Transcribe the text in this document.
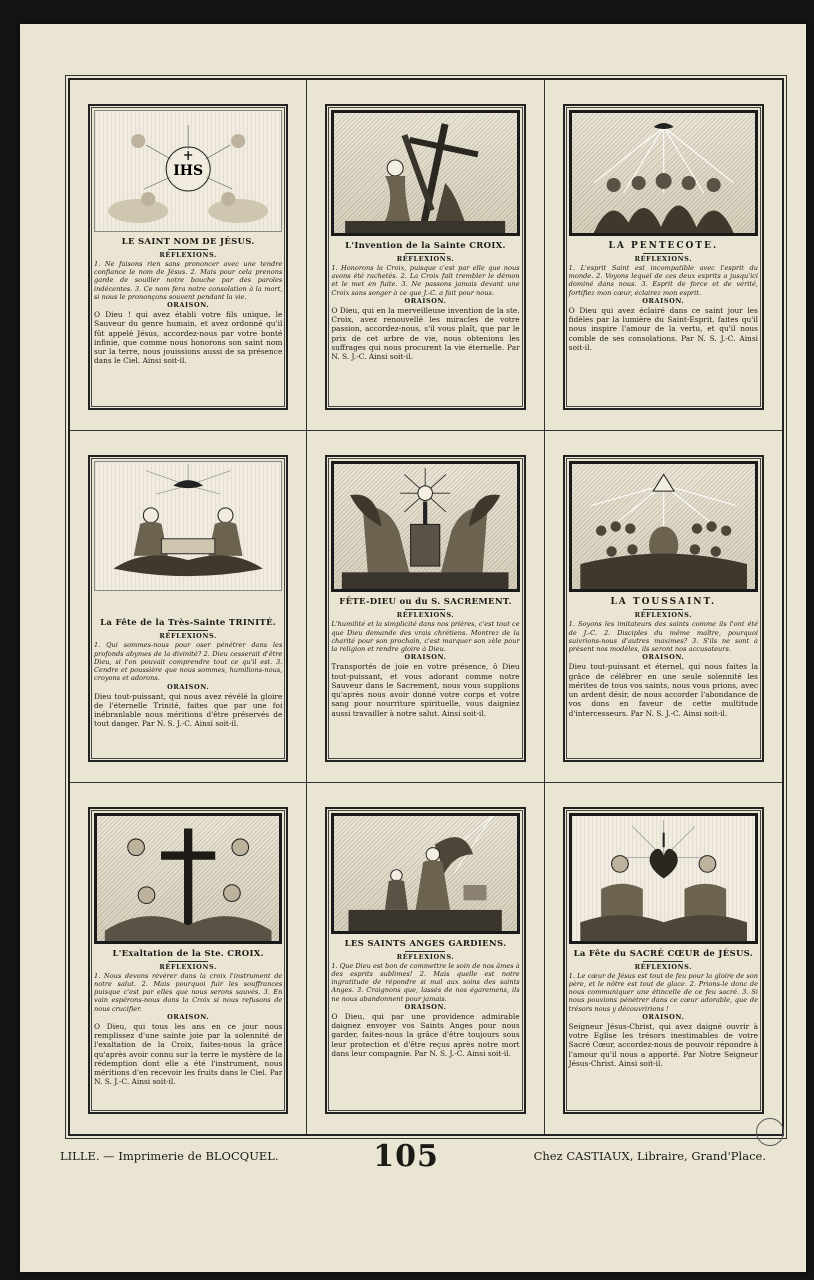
IHS
LE SAINT NOM DE JÉSUS.
RÉFLEXIONS.
1. Ne faisons rien sans prononcer avec une tendre confiance le nom de Jésus. 2. Mais pour cela prenons garde de souiller notre bouche par des paroles indécentes. 3. Ce nom fera notre consolation à la mort, si nous le prononçons souvent pendant la vie.
ORAISON.
O Dieu ! qui avez établi votre fils unique, le Sauveur du genre humain, et avez ordonné qu'il fût appelé Jésus, accordez-nous par votre bonté infinie, que comme nous honorons son saint nom sur la terre, nous jouissions aussi de sa présence dans le Ciel. Ainsi soit-il.
L'Invention de la Sainte CROIX.
RÉFLEXIONS.
1. Honorons la Croix, puisque c'est par elle que nous avons été rachetés. 2. La Croix fait trembler le démon et le met en fuite. 3. Ne passons jamais devant une Croix sans songer à ce que J.-C. a fait pour nous.
ORAISON.
O Dieu, qui en la merveilleuse invention de la ste. Croix, avez renouvellé les miracles de votre passion, accordez-nous, s'il vous plaît, que par le prix de cet arbre de vie, nous obtenions les suffrages qui nous procurent la vie éternelle. Par N. S. J.-C. Ainsi soit-il.
LA PENTECOTE.
RÉFLEXIONS.
1. L'esprit Saint est incompatible avec l'esprit du monde. 2. Voyons lequel de ces deux esprits a jusqu'ici dominé dans nous. 3. Esprit de force et de vérité, fortifiez mon cœur, éclairez mon esprit.
ORAISON.
O Dieu qui avez éclairé dans ce saint jour les fidèles par la lumière du Saint-Esprit, faites qu'il nous inspire l'amour de la vertu, et qu'il nous comble de ses consolations. Par N. S. J.-C. Ainsi soit-il.
La Fête de la Très-Sainte TRINITÉ.
RÉFLEXIONS.
1. Qui sommes-nous pour oser pénétrer dans les profonds abymes de la divinité? 2. Dieu cesserait d'être Dieu, si l'on pouvait comprendre tout ce qu'il est. 3. Cendre et poussière que nous sommes, humilions-nous, croyons et adorons.
ORAISON.
Dieu tout-puissant, qui nous avez révélé la gloire de l'éternelle Trinité, faites que par une foi inébranlable nous méritions d'être préservés de tout danger. Par N. S. J.-C. Ainsi soit-il.
FÊTE-DIEU ou du S. SACREMENT.
RÉFLEXIONS.
L'humilité et la simplicité dans nos prières, c'est tout ce que Dieu demande des vrais chrétiens. Montrez de la charité pour son prochain, c'est marquer son zèle pour la religion et rendre gloire à Dieu.
ORAISON.
Transportés de joie en votre présence, ô Dieu tout-puissant, et vous adorant comme notre Sauveur dans le Sacrement, nous vous supplions qu'après nous avoir donné votre corps et votre sang pour nourriture spirituelle, vous daigniez aussi travailler à notre salut. Ainsi soit-il.
LA TOUSSAINT.
RÉFLEXIONS.
1. Soyons les imitateurs des saints comme ils l'ont été de J.-C. 2. Disciples du même maître, pourquoi suivrions-nous d'autres maximes? 3. S'ils ne sont à présent nos modèles, ils seront nos accusateurs.
ORAISON.
Dieu tout-puissant et éternel, qui nous faites la grâce de célébrer en une seule solennité les mérites de tous vos saints, nous vous prions, avec un ardent désir, de nous accorder l'abondance de vos dons en faveur de cette multitude d'intercesseurs. Par N. S. J.-C. Ainsi soit-il.
L'Exaltation de la Ste. CROIX.
RÉFLEXIONS.
1. Nous devons révérer dans la croix l'instrument de notre salut. 2. Mais pourquoi fuir les souffrances puisque c'est par elles que nous serons sauvés. 3. En vain espérons-nous dans la Croix si nous refusons de nous crucifier.
ORAISON.
O Dieu, qui tous les ans en ce jour nous remplissez d'une sainte joie par la solennité de l'exaltation de la Croix, faites-nous la grâce qu'après avoir connu sur la terre le mystère de la rédemption dont elle a été l'instrument, nous méritions d'en recevoir les fruits dans le Ciel. Par N. S. J.-C. Ainsi soit-il.
LES SAINTS ANGES GARDIENS.
RÉFLEXIONS.
1. Que Dieu est bon de commettre le soin de nos âmes à des esprits sublimes! 2. Mais quelle est notre ingratitude de répondre si mal aux soins des saints Anges. 3. Craignons que, lassés de nos égaremens, ils ne nous abandonnent pour jamais.
ORAISON.
O Dieu, qui par une providence admirable daignez envoyer vos Saints Anges pour nous garder, faites-nous la grâce d'être toujours sous leur protection et d'être reçus après notre mort dans leur compagnie. Par N. S. J.-C. Ainsi soit-il.
La Fête du SACRÉ CŒUR de JÉSUS.
RÉFLEXIONS.
1. Le cœur de Jésus est tout de feu pour la gloire de son père, et le nôtre est tout de glace. 2. Prions-le donc de nous communiquer une étincelle de ce feu sacré. 3. Si nous pouvions pénétrer dans ce cœur adorable, que de trésors nous y découvririons !
ORAISON.
Seigneur Jésus-Christ, qui avez daigné ouvrir à votre Eglise les trésors inestimables de votre Sacré Cœur, accordez-nous de pouvoir répondre à l'amour qu'il nous a apporté. Par Notre Seigneur Jésus-Christ. Ainsi soit-il.
LILLE. — Imprimerie de BLOCQUEL.	105	Chez CASTIAUX, Libraire, Grand'Place.
